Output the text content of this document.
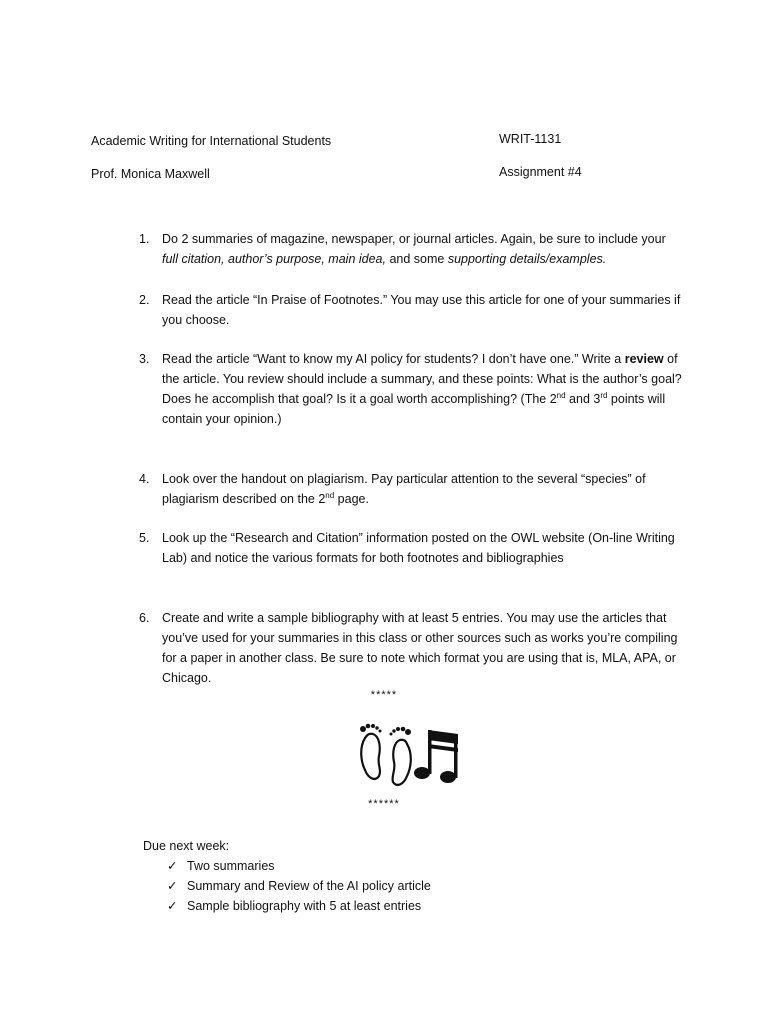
Academic Writing for International Students	WRIT-1131
Prof. Monica Maxwell	Assignment #4
1.	Do 2 summaries of magazine, newspaper, or journal articles. Again, be sure to include your full citation, author’s purpose, main idea, and some supporting details/examples.
2.	Read the article “In Praise of Footnotes.” You may use this article for one of your summaries if you choose.
3.	Read the article “Want to know my AI policy for students? I don’t have one.” Write a review of the article. You review should include a summary, and these points: What is the author’s goal? Does he accomplish that goal? Is it a goal worth accomplishing? (The 2nd and 3rd points will contain your opinion.)
4.	Look over the handout on plagiarism. Pay particular attention to the several “species” of plagiarism described on the 2nd page.
5.	Look up the “Research and Citation” information posted on the OWL website (On-line Writing Lab) and notice the various formats for both footnotes and bibliographies
6.	Create and write a sample bibliography with at least 5 entries. You may use the articles that you’ve used for your summaries in this class or other sources such as works you’re compiling for a paper in another class. Be sure to note which format you are using that is, MLA, APA, or Chicago.
*****
******
Due next week:
✓ Two summaries
✓ Summary and Review of the AI policy article
✓ Sample bibliography with 5 at least entries
